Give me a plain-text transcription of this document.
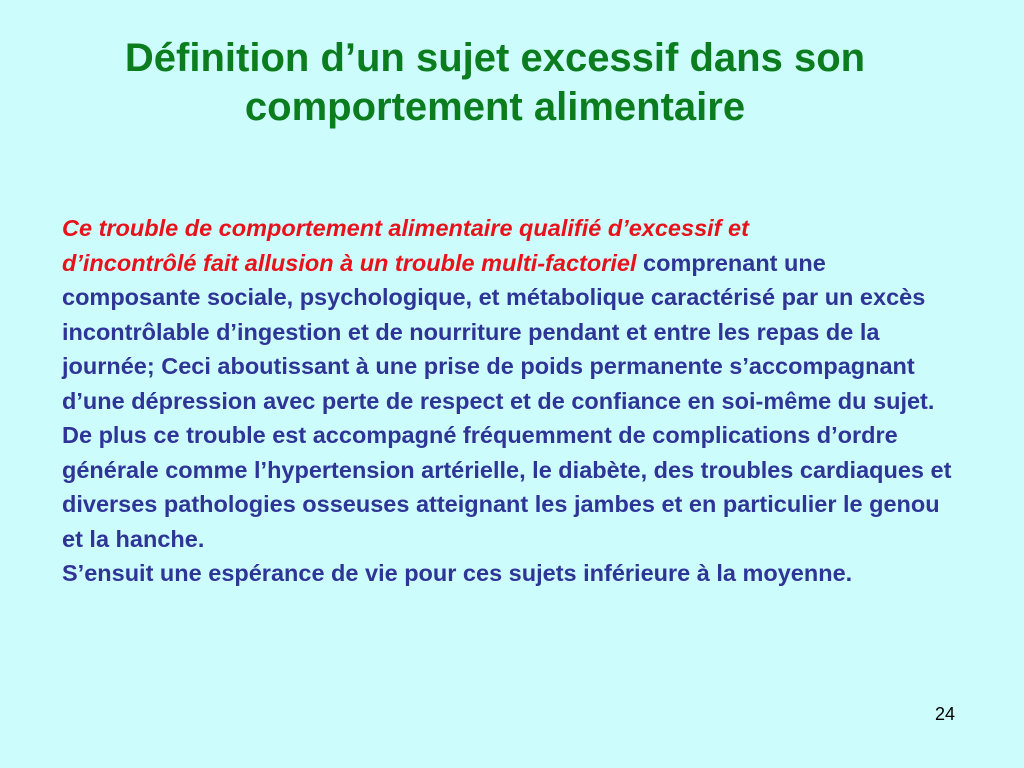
Définition d’un sujet excessif dans son
comportement alimentaire

Ce trouble de comportement alimentaire qualifié d’excessif et
d’incontrôlé fait allusion à un trouble multi-factoriel comprenant une composante sociale, psychologique, et métabolique caractérisé par un excès incontrôlable d’ingestion et de nourriture pendant et entre les repas de la journée; Ceci aboutissant à une prise de poids permanente s’accompagnant d’une dépression avec perte de respect et de confiance en soi-même du sujet.

De plus ce trouble est accompagné fréquemment de complications d’ordre générale comme l’hypertension artérielle, le diabète, des troubles cardiaques et diverses pathologies osseuses atteignant les jambes et en particulier le genou et la hanche.

S’ensuit une espérance de vie pour ces sujets inférieure à la moyenne.

24
